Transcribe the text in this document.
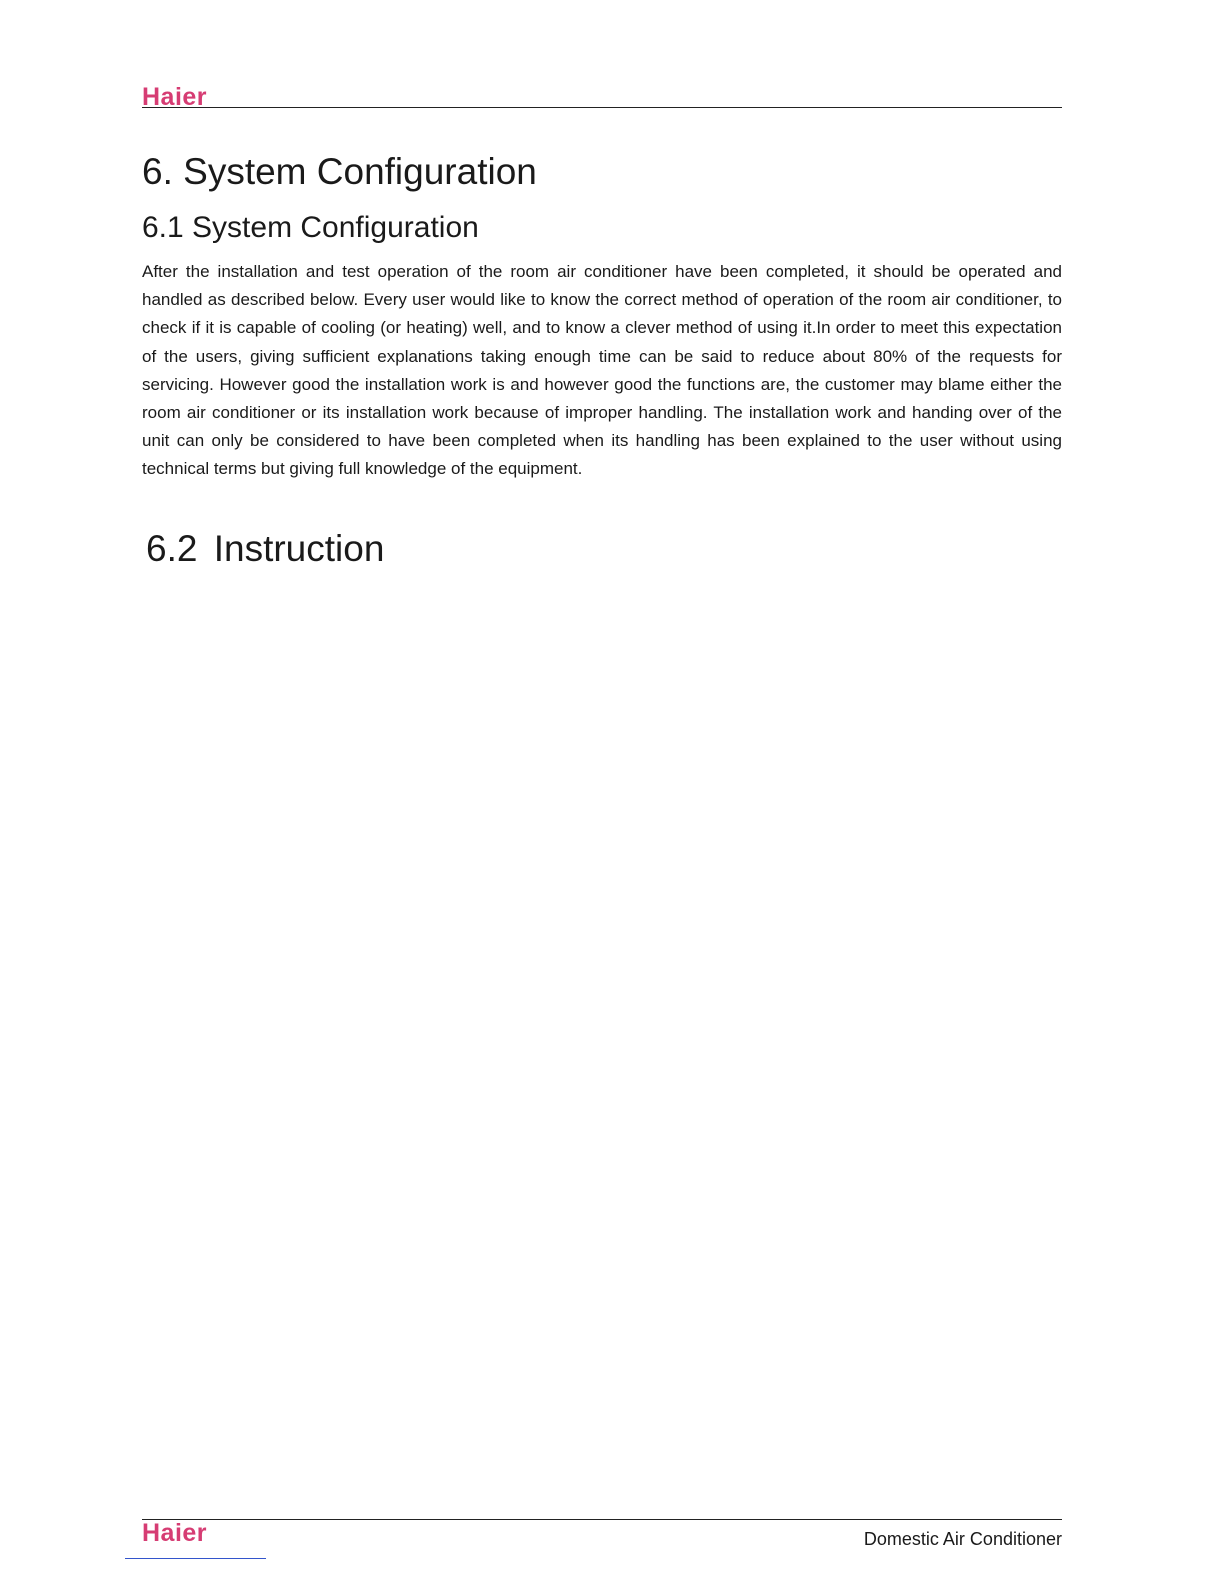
Haier
6. System Configuration
6.1 System Configuration

After the installation and test operation of the room air conditioner have been completed, it should be operated and handled as described below. Every user would like to know the correct method of operation of the room air conditioner, to check if it is capable of cooling (or heating) well, and to know a clever method of using it.In order to meet this expectation of the users, giving sufficient explanations taking enough time can be said to reduce about 80% of the requests for servicing. However good the installation work is and however good the functions are, the customer may blame either the room air conditioner or its installation work because of improper handling. The installation work and handing over of the unit can only be considered to have been completed when its handling has been explained to the user without using technical terms but giving full knowledge of the equipment.

6.2 Instruction
Haier	Domestic Air Conditioner
